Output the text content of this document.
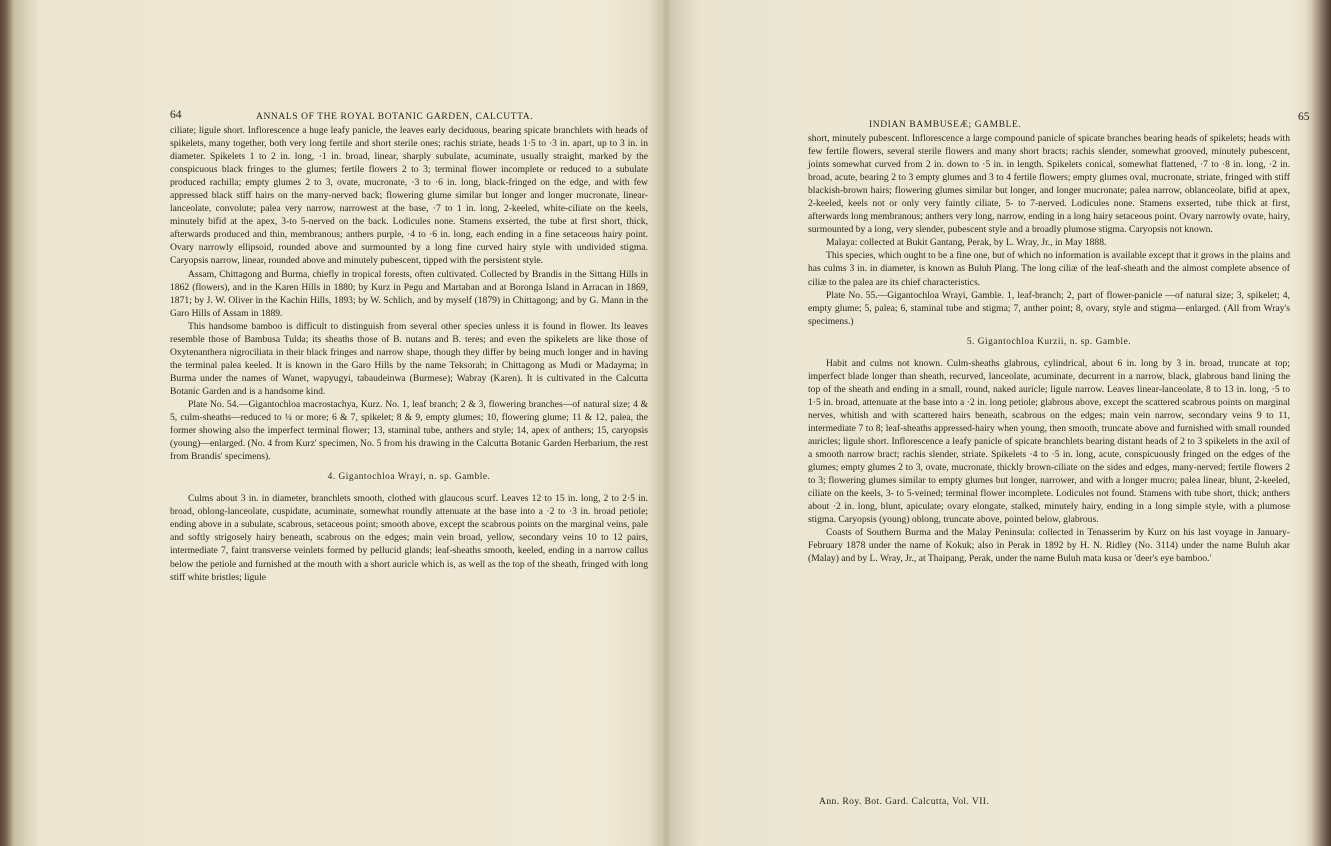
64	ANNALS OF THE ROYAL BOTANIC GARDEN, CALCUTTA.

ciliate; ligule short. Inflorescence a huge leafy panicle, the leaves early deciduous, bearing spicate branchlets with heads of spikelets, many together, both very long fertile and short sterile ones; rachis striate, heads 1·5 to ·3 in. apart, up to 3 in. in diameter. Spikelets 1 to 2 in. long, ·1 in. broad, linear, sharply subulate, acuminate, usually straight, marked by the conspicuous black fringes to the glumes; fertile flowers 2 to 3; terminal flower incomplete or reduced to a subulate produced rachilla; empty glumes 2 to 3, ovate, mucronate, ·3 to ·6 in. long, black-fringed on the edge, and with few appressed black stiff hairs on the many-nerved back; flowering glume similar but longer and longer mucronate, linear-lanceolate, convolute; palea very narrow, narrowest at the base, ·7 to 1 in. long, 2-keeled, white-ciliate on the keels, minutely bifid at the apex, 3-to 5-nerved on the back. Lodicules none. Stamens exserted, the tube at first short, thick, afterwards produced and thin, membranous; anthers purple, ·4 to ·6 in. long, each ending in a fine setaceous hairy point. Ovary narrowly ellipsoid, rounded above and surmounted by a long fine curved hairy style with undivided stigma. Caryopsis narrow, linear, rounded above and minutely pubescent, tipped with the persistent style.

Assam, Chittagong and Burma, chiefly in tropical forests, often cultivated. Collected by Brandis in the Sittang Hills in 1862 (flowers), and in the Karen Hills in 1880; by Kurz in Pegu and Martaban and at Boronga Island in Arracan in 1869, 1871; by J. W. Oliver in the Kachin Hills, 1893; by W. Schlich, and by myself (1879) in Chittagong; and by G. Mann in the Garo Hills of Assam in 1889.

This handsome bamboo is difficult to distinguish from several other species unless it is found in flower. Its leaves resemble those of Bambusa Tulda; its sheaths those of B. nutans and B. teres; and even the spikelets are like those of Oxytenanthera nigrociliata in their black fringes and narrow shape, though they differ by being much longer and in having the terminal palea keeled. It is known in the Garo Hills by the name Teksorah; in Chittagong as Mudi or Madayma; in Burma under the names of Wanet, wapyugyi, tabaudeinwa (Burmese); Wabray (Karen). It is cultivated in the Calcutta Botanic Garden and is a handsome kind.

Plate No. 54.—Gigantochloa macrostachya, Kurz. No. 1, leaf branch; 2 & 3, flowering branches—of natural size; 4 & 5, culm-sheaths—reduced to ¼ or more; 6 & 7, spikelet; 8 & 9, empty glumes; 10, flowering glume; 11 & 12, palea, the former showing also the imperfect terminal flower; 13, staminal tube, anthers and style; 14, apex of anthers; 15, caryopsis (young)—enlarged. (No. 4 from Kurz' specimen, No. 5 from his drawing in the Calcutta Botanic Garden Herbarium, the rest from Brandis' specimens).

4. Gigantochloa Wrayi, n. sp. Gamble.

Culms about 3 in. in diameter, branchlets smooth, clothed with glaucous scurf. Leaves 12 to 15 in. long, 2 to 2·5 in. broad, oblong-lanceolate, cuspidate, acuminate, somewhat roundly attenuate at the base into a ·2 to ·3 in. broad petiole; ending above in a subulate, scabrous, setaceous point; smooth above, except the scabrous points on the marginal veins, pale and softly strigosely hairy beneath, scabrous on the edges; main vein broad, yellow, secondary veins 10 to 12 pairs, intermediate 7, faint transverse veinlets formed by pellucid glands; leaf-sheaths smooth, keeled, ending in a narrow callus below the petiole and furnished at the mouth with a short auricle which is, as well as the top of the sheath, fringed with long stiff white bristles; ligule

INDIAN BAMBUSEÆ; GAMBLE.
65

short, minutely pubescent. Inflorescence a large compound panicle of spicate branches bearing heads of spikelets; heads with few fertile flowers, several sterile flowers and many short bracts; rachis slender, somewhat grooved, minutely pubescent, joints somewhat curved from 2 in. down to ·5 in. in length. Spikelets conical, somewhat flattened, ·7 to ·8 in. long, ·2 in. broad, acute, bearing 2 to 3 empty glumes and 3 to 4 fertile flowers; empty glumes oval, mucronate, striate, fringed with stiff blackish-brown hairs; flowering glumes similar but longer, and longer mucronate; palea narrow, oblanceolate, bifid at apex, 2-keeled, keels not or only very faintly ciliate, 5- to 7-nerved. Lodicules none. Stamens exserted, tube thick at first, afterwards long membranous; anthers very long, narrow, ending in a long hairy setaceous point. Ovary narrowly ovate, hairy, surmounted by a long, very slender, pubescent style and a broadly plumose stigma. Caryopsis not known.

Malaya: collected at Bukit Gantang, Perak, by L. Wray, Jr., in May 1888.

This species, which ought to be a fine one, but of which no information is available except that it grows in the plains and has culms 3 in. in diameter, is known as Buluh Plang. The long ciliæ of the leaf-sheath and the almost complete absence of ciliæ to the palea are its chief characteristics.

Plate No. 55.—Gigantochloa Wrayi, Gamble. 1, leaf-branch; 2, part of flower-panicle —of natural size; 3, spikelet; 4, empty glume; 5, palea; 6, staminal tube and stigma; 7, anther point; 8, ovary, style and stigma—enlarged. (All from Wray's specimens.)

5. Gigantochloa Kurzii, n. sp. Gamble.

Habit and culms not known. Culm-sheaths glabrous, cylindrical, about 6 in. long by 3 in. broad, truncate at top; imperfect blade longer than sheath, recurved, lanceolate, acuminate, decurrent in a narrow, black, glabrous band lining the top of the sheath and ending in a small, round, naked auricle; ligule narrow. Leaves linear-lanceolate, 8 to 13 in. long, ·5 to 1·5 in. broad, attenuate at the base into a ·2 in. long petiole; glabrous above, except the scattered scabrous points on marginal nerves, whitish and with scattered hairs beneath, scabrous on the edges; main vein narrow, secondary veins 9 to 11, intermediate 7 to 8; leaf-sheaths appressed-hairy when young, then smooth, truncate above and furnished with small rounded auricles; ligule short. Inflorescence a leafy panicle of spicate branchlets bearing distant heads of 2 to 3 spikelets in the axil of a smooth narrow bract; rachis slender, striate. Spikelets ·4 to ·5 in. long, acute, conspicuously fringed on the edges of the glumes; empty glumes 2 to 3, ovate, mucronate, thickly brown-ciliate on the sides and edges, many-nerved; fertile flowers 2 to 3; flowering glumes similar to empty glumes but longer, narrower, and with a longer mucro; palea linear, blunt, 2-keeled, ciliate on the keels, 3- to 5-veined; terminal flower incomplete. Lodicules not found. Stamens with tube short, thick; anthers about ·2 in. long, blunt, apiculate; ovary elongate, stalked, minutely hairy, ending in a long simple style, with a plumose stigma. Caryopsis (young) oblong, truncate above, pointed below, glabrous.

Coasts of Southern Burma and the Malay Peninsula: collected in Tenasserim by Kurz on his last voyage in January-February 1878 under the name of Kokuk; also in Perak in 1892 by H. N. Ridley (No. 3114) under the name Buluh akar (Malay) and by L. Wray, Jr., at Thaipang, Perak, under the name Buluh mata kusa or 'deer's eye bamboo.'

Ann. Roy. Bot. Gard. Calcutta, Vol. VII.
